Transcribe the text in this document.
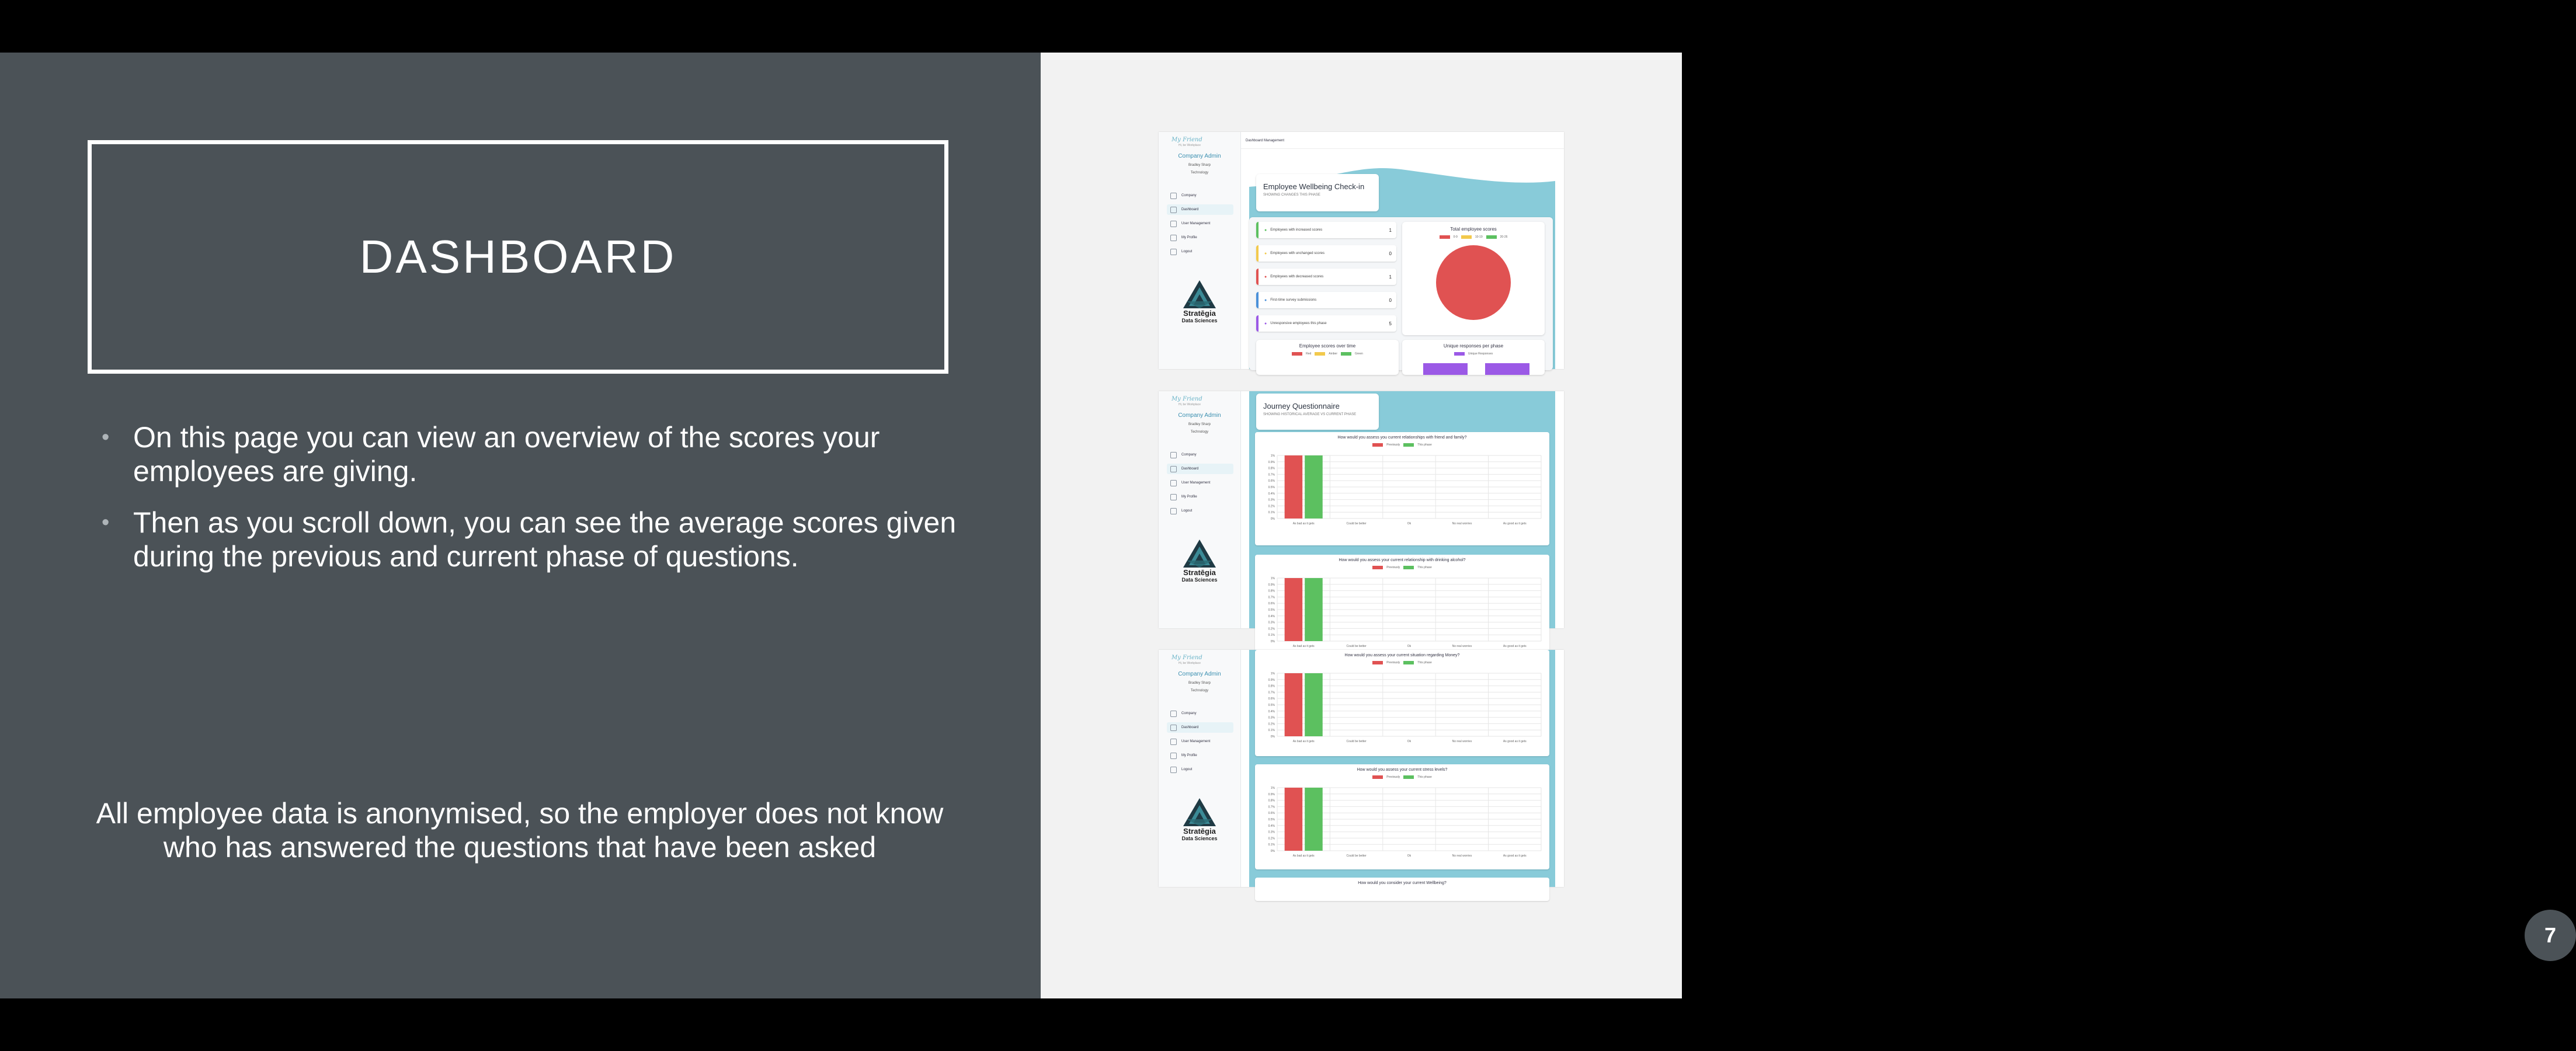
DASHBOARD
• On this page you can view an overview of the scores your employees are giving.
• Then as you scroll down, you can see the average scores given during the previous and current phase of questions.
All employee data is anonymised, so the employer does not know who has answered the questions that have been asked
7
My Friend
Hi, be Workplace
Company Admin
Bradley Sharp
Technology
Company
Dashboard
User Management
My Profile
Logout
Stratēgia
Data Sciences
Dashboard Management
Employee Wellbeing Check-in
SHOWING CHANGES THIS PHASE
● Employees with increased scores	1
● Employees with unchanged scores	0
● Employees with decreased scores	1
● First-time survey submissions	0
● Unresponsive employees this phase	5
Total employee scores
0-9	10-19	20-26
Employee scores over time
Red	Amber	Green
Unique responses per phase
Unique Responses
My Friend
Hi, be Workplace
Company Admin
Bradley Sharp
Technology
Company
Dashboard
User Management
My Profile
Logout
Stratēgia
Data Sciences
Journey Questionnaire
SHOWING HISTORICAL AVERAGE VS CURRENT PHASE
How would you assess you current relationships with friend and family?
Previously	This phase
1%
0.9%
0.8%
0.7%
0.6%
0.5%
0.4%
0.3%
0.2%
0.1%
0%
As bad as it gets	Could be better	Ok	No real worries	As good as it gets
How would you assess your current relationship with drinking alcohol?
Previously	This phase
1%
0.9%
0.8%
0.7%
0.6%
0.5%
0.4%
0.3%
0.2%
0.1%
0%
As bad as it gets	Could be better	Ok	No real worries	As good as it gets
My Friend
Hi, be Workplace
Company Admin
Bradley Sharp
Technology
Company
Dashboard
User Management
My Profile
Logout
Stratēgia
Data Sciences
How would you assess your current situation regarding Money?
Previously	This phase
1%
0.9%
0.8%
0.7%
0.6%
0.5%
0.4%
0.3%
0.2%
0.1%
0%
As bad as it gets	Could be better	Ok	No real worries	As good as it gets
How would you assess your current stress levels?
Previously	This phase
1%
0.9%
0.8%
0.7%
0.6%
0.5%
0.4%
0.3%
0.2%
0.1%
0%
As bad as it gets	Could be better	Ok	No real worries	As good as it gets
How would you consider your current Wellbeing?
